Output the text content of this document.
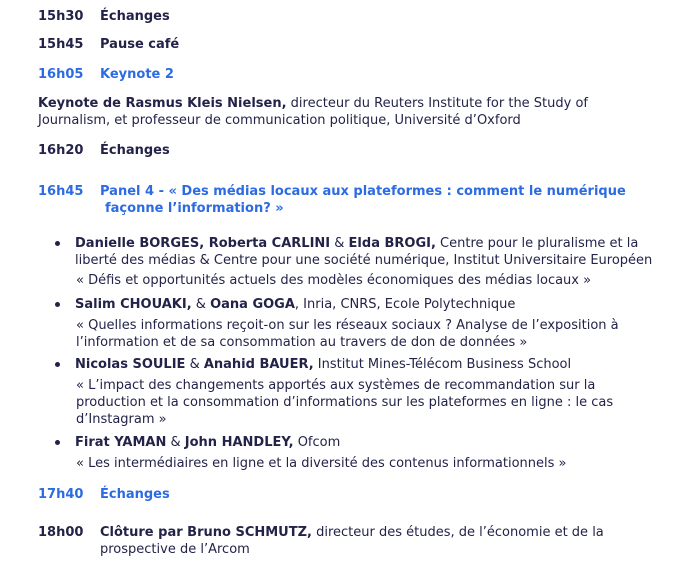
15h30	Échanges
15h45	Pause café
16h05	Keynote 2
Keynote de Rasmus Kleis Nielsen, directeur du Reuters Institute for the Study of Journalism, et professeur de communication politique, Université d’Oxford
16h20	Échanges
16h45	Panel 4 - « Des médias locaux aux plateformes : comment le numérique façonne l’information? »
Danielle BORGES, Roberta CARLINI & Elda BROGI, Centre pour le pluralisme et la liberté des médias & Centre pour une société numérique, Institut Universitaire Européen
« Défis et opportunités actuels des modèles économiques des médias locaux »
Salim CHOUAKI, & Oana GOGA, Inria, CNRS, Ecole Polytechnique
« Quelles informations reçoit-on sur les réseaux sociaux ? Analyse de l’exposition à l’information et de sa consommation au travers de don de données »
Nicolas SOULIE & Anahid BAUER, Institut Mines-Télécom Business School
« L’impact des changements apportés aux systèmes de recommandation sur la production et la consommation d’informations sur les plateformes en ligne : le cas d’Instagram »
Firat YAMAN & John HANDLEY, Ofcom
« Les intermédiaires en ligne et la diversité des contenus informationnels »
17h40	Échanges
18h00	Clôture par Bruno SCHMUTZ, directeur des études, de l’économie et de la prospective de l’Arcom
